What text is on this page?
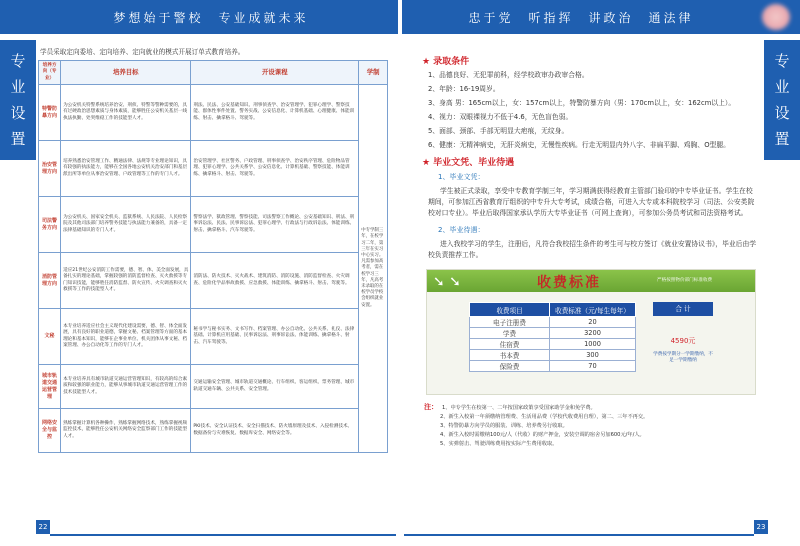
梦想始于警校　专业成就未来	忠于党　听指挥　讲政治　通法律
专
业
设
置
专
业
设
置

学员采取定向委培、定向培养、定向就业的模式开展订单式教育培养。

培养方向（专业）	培养目标	开设课程	学制
特警防暴方向	为公安机关特警系统培养治安、刑侦、特警等警种需要的，具有过硬政治思想素质与身体素质，能够胜任公安机关基层一线执法执勤、处突维稳工作的技能型人才。	刑法、民法、公安基础知识、刑事侦查学、治安管理学、犯罪心理学、警察技能、群体性事件处置、警务实战、公安信息化、计算机基础、心理健康、体能训练、射击、擒拿格斗、驾驶等。	中专学制三年，在校学习二年，第三年在实习中心实习。凡需参加高考者，需在校学习三年，凡高考未录取的在校学员学校会组织就业安置。
治安管理方向	培养熟悉治安管理工作、精通法律、法规等专业理论知识，具有较强的执法能力，能够在全国各地公安机关治安部门和基层派出所等单位从事治安管理、户政管理等工作的专门人才。	治安管理学、社区警务、户政管理、刑事侦查学、治安秩序管理、危险物品管理、犯罪心理学、公共关系学、公安信息化、计算机基础、警察技能、体能训练、擒拿格斗、射击、驾驶等。	
司法警务方向	为公安机关、国家安全机关、监狱系统、人民法院、人民检察院及其他司法部门培养警务技能与执法能力兼备的，具备一定法律基础知识的专门人才。	警察法学、狱政管理、警察技能、司法警察工作概论、公安基础知识、刑法、刑事诉讼法、民法、民事诉讼法、犯罪心理学、行政法与行政诉讼法、体能训练、射击、擒拿格斗、汽车驾驶等。	
消防管理方向	适应21世纪公安消防工作需要，德、智、体、美全面发展，具备扎实的理论基础，掌握较强的消防监督检查、灭火救援等专门知识技能，能够胜任消防监督、防火宣传、火灾调查和灭火救援等工作的技能型人才。	消防法、防火技术、灭火战术、建筑消防、消防设施、消防监督检查、火灾调查、危险化学品事故救援、应急救援、体能训练、擒拿格斗、射击、驾驶等。	
文秘	本专业培养适应社会主义现代化建设需要，德、智、体全面发展，具有良好的职业道德，掌握文秘、档案管理等方面的基本理论和基本知识，能够在企事业单位、机关团体从事文秘、档案管理、办公自动化等工作的专门人才。	秘书学与秘书实务、文书写作、档案管理、办公自动化、公共关系、礼仪、法律基础、计算机应用基础、民事诉讼法、刑事诉讼法、体能训练、擒拿格斗、射击、汽车驾驶等。	
城市轨道交通运营管理	本专业培养具有城市轨道交通运营管理知识，有较高的综合素质和较强的职业能力，能够从事城市轨道交通运营管理工作的技术技能型人才。	交通运输安全管理、城市轨道交通概论、行车组织、客运组织、票务管理、城市轨道交通车辆、公共关系、安全管理。	
网络安全与监控	熟练掌握计算机各种操作，熟练掌握网络技术，熟练掌握视频监控技术，能够胜任公安机关网络安全监察部门工作的技能型人才。	PKI技术、安全认证技术、安全扫描技术、防火墙原理及技术、入侵检测技术、数据备份与灾难恢复、数据库安全、网络安全等。	
★ 录取条件
1、品德良好、无犯罪前科，经学校政审办政审合格。
2、年龄：16-19周岁。
3、身高 男：165cm以上，女：157cm以上，特警防暴方向（男：170cm以上，女：162cm以上）。
4、视力：双眼裸视力不低于4.6，无色盲色弱。
5、面部、颈部、手部无明显大疤痕，无纹身。
6、健康：无精神病史，无肝炎病史，无慢性疾病。行走无明显内外八字、非扁平脚、鸡胸、O型腿。
★ 毕业文凭、毕业待遇
1、毕业文凭：
学生被正式录取，享受中专教育学制三年，学习期满获得经教育主管部门验印的中专毕业证书。学生在校期间，可参加江西省教育厅组织的中专升大专考试，成绩合格，可进入大专或本科院校学习（司法、公安类院校对口专业）。毕业后取得国家承认学历大专毕业证书（可网上查询），可参加公务员考试和司法资格考试。
2、毕业待遇：
进入我校学习的学生，注册后，凡符合我校招生条件的考生可与校方签订《就业安置协议书》，毕业后由学校负责推荐工作。
➘ ➘	收费标准	严格按照物价部门标准收费
收费项目	收费标准（元/每生每年）
电子注册费	20
学费	3200
住宿费	1000
书本费	300
保险费	70
合 计
4590元
学费按学期分一学期缴纳，不足一学期缴纳
注： 1、中专学生在校第一、二年按国家政策享受国家助学金和免学费。
2、新生入校第一年须缴纳管理费、生活用品费（学校代收费用自理），第二、三年不再交。
3、特警防暴方向学员的服装、训练、培养费另行收取。
4、新生入校时需缴纳100元/人（代收）的财产押金，安装空调的宿舍另加600元/年/人。
5、实弹射击、驾驶训练费用按实际产生费用收取。
22	23
